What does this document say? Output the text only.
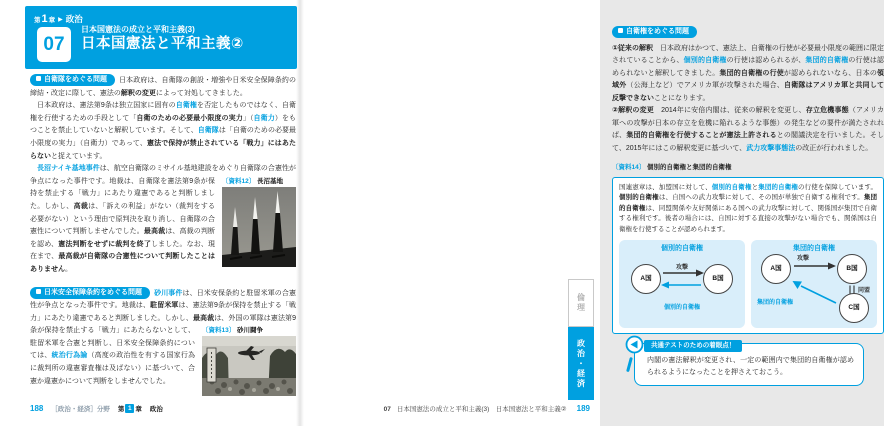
第1章 ▶ 政治
07
日本国憲法の成立と平和主義(3)
日本国憲法と平和主義②

自衛隊をめぐる問題 日本政府は、自衛隊の創設・増強や日米安全保障条約の締結・改定に際して、憲法の解釈の変更によって対処してきました。

　日本政府は、憲法第9条は独立国家に固有の自衛権を否定したものではなく、自衛権を行使するための手段として「自衛のための必要最小限度の実力」（自衛力）をもつことを禁止していないと解釈しています。そして、自衛隊は「自衛のための必要最小限度の実力」（自衛力）であって、憲法で保持が禁止されている「戦力」にはあたらないと捉えています。

　長沼ナイキ基地事件は、航空自衛隊のミサイル基地建設をめぐり自衛隊の
〔資料12〕 長沼基地
合憲性が争点になった事件です。地裁は、自衛隊を憲法第9条が保持を禁止する「戦力」にあたり違憲であると判断しました。しかし、高裁は、「訴えの利益」がない（裁判をする必要がない）という理由で原判決を取り消し、自衛隊の合憲性について判断しませんでした。最高裁は、高裁の判断を認め、憲法判断をせずに裁判を終了しました。なお、現在まで、最高裁が自衛隊の合憲性について判断したことはありません。

日米安全保障条約をめぐる問題 砂川事件は、日米安保条約と駐留米軍の合憲性が争点となった事件です。地裁は、駐留米軍は、憲法第9条が保持を禁止する「戦力」にあたり違憲であると判断しました。しかし、最高裁
〔資料13〕 砂川闘争
は、外国の軍隊は憲法第9条が保持を禁止する「戦力」にあたらないとして、駐留米軍を合憲と判断し、日米安全保障条約については、統治行為論（高度の政治性を有する国家行為に裁判所の違憲審査権は及ばない）に基づいて、合憲か違憲かについて判断をしませんでした。

188 ［政治・経済］分野 第 1 章 政治

自衛権をめぐる問題

①従来の解釈　日本政府はかつて、憲法上、自衛権の行使が必要最小限度の範囲に限定されていることから、個別的自衛権の行使は認められるが、集団的自衛権の行使は認められないと解釈してきました。集団的自衛権の行使が認められないなら、日本の領域外（公海上など）でアメリカ軍が攻撃された場合、自衛隊はアメリカ軍と共同して反撃できないことになります。

②解釈の変更　2014年に安倍内閣は、従来の解釈を変更し、存立危機事態（アメリカ軍への攻撃が日本の存立を危機に陥れるような事態）の発生などの要件が満たされれば、集団的自衛権を行使することが憲法上許されるとの閣議決定を行いました。そして、2015年にはこの解釈変更に基づいて、武力攻撃事態法の改正が行われました。

〔資料14〕 個別的自衛権と集団的自衛権

国連憲章は、加盟国に対して、個別的自衛権と集団的自衛権の行使を保障しています。個別的自衛権は、自国への武力攻撃に対して、その国が単独で自衛する権利です。集団的自衛権は、同盟関係や友好関係にある国への武力攻撃に対して、関係国が集団で自衛する権利です。後者の場合には、自国に対する直接の攻撃がない場合でも、関係国は自衛権を行使することが認められます。

個別的自衛権
A国	B国
攻撃
個別的自衛権
集団的自衛権
A国	B国
C国
攻撃
同盟
集団的自衛権
共通テストのための着眼点！

内閣の憲法解釈が変更され、一定の範囲内で集団的自衛権が認められるようになったことを押さえておこう。

07 日本国憲法の成立と平和主義(3)　日本国憲法と平和主義② 189
倫理
政治・経済
